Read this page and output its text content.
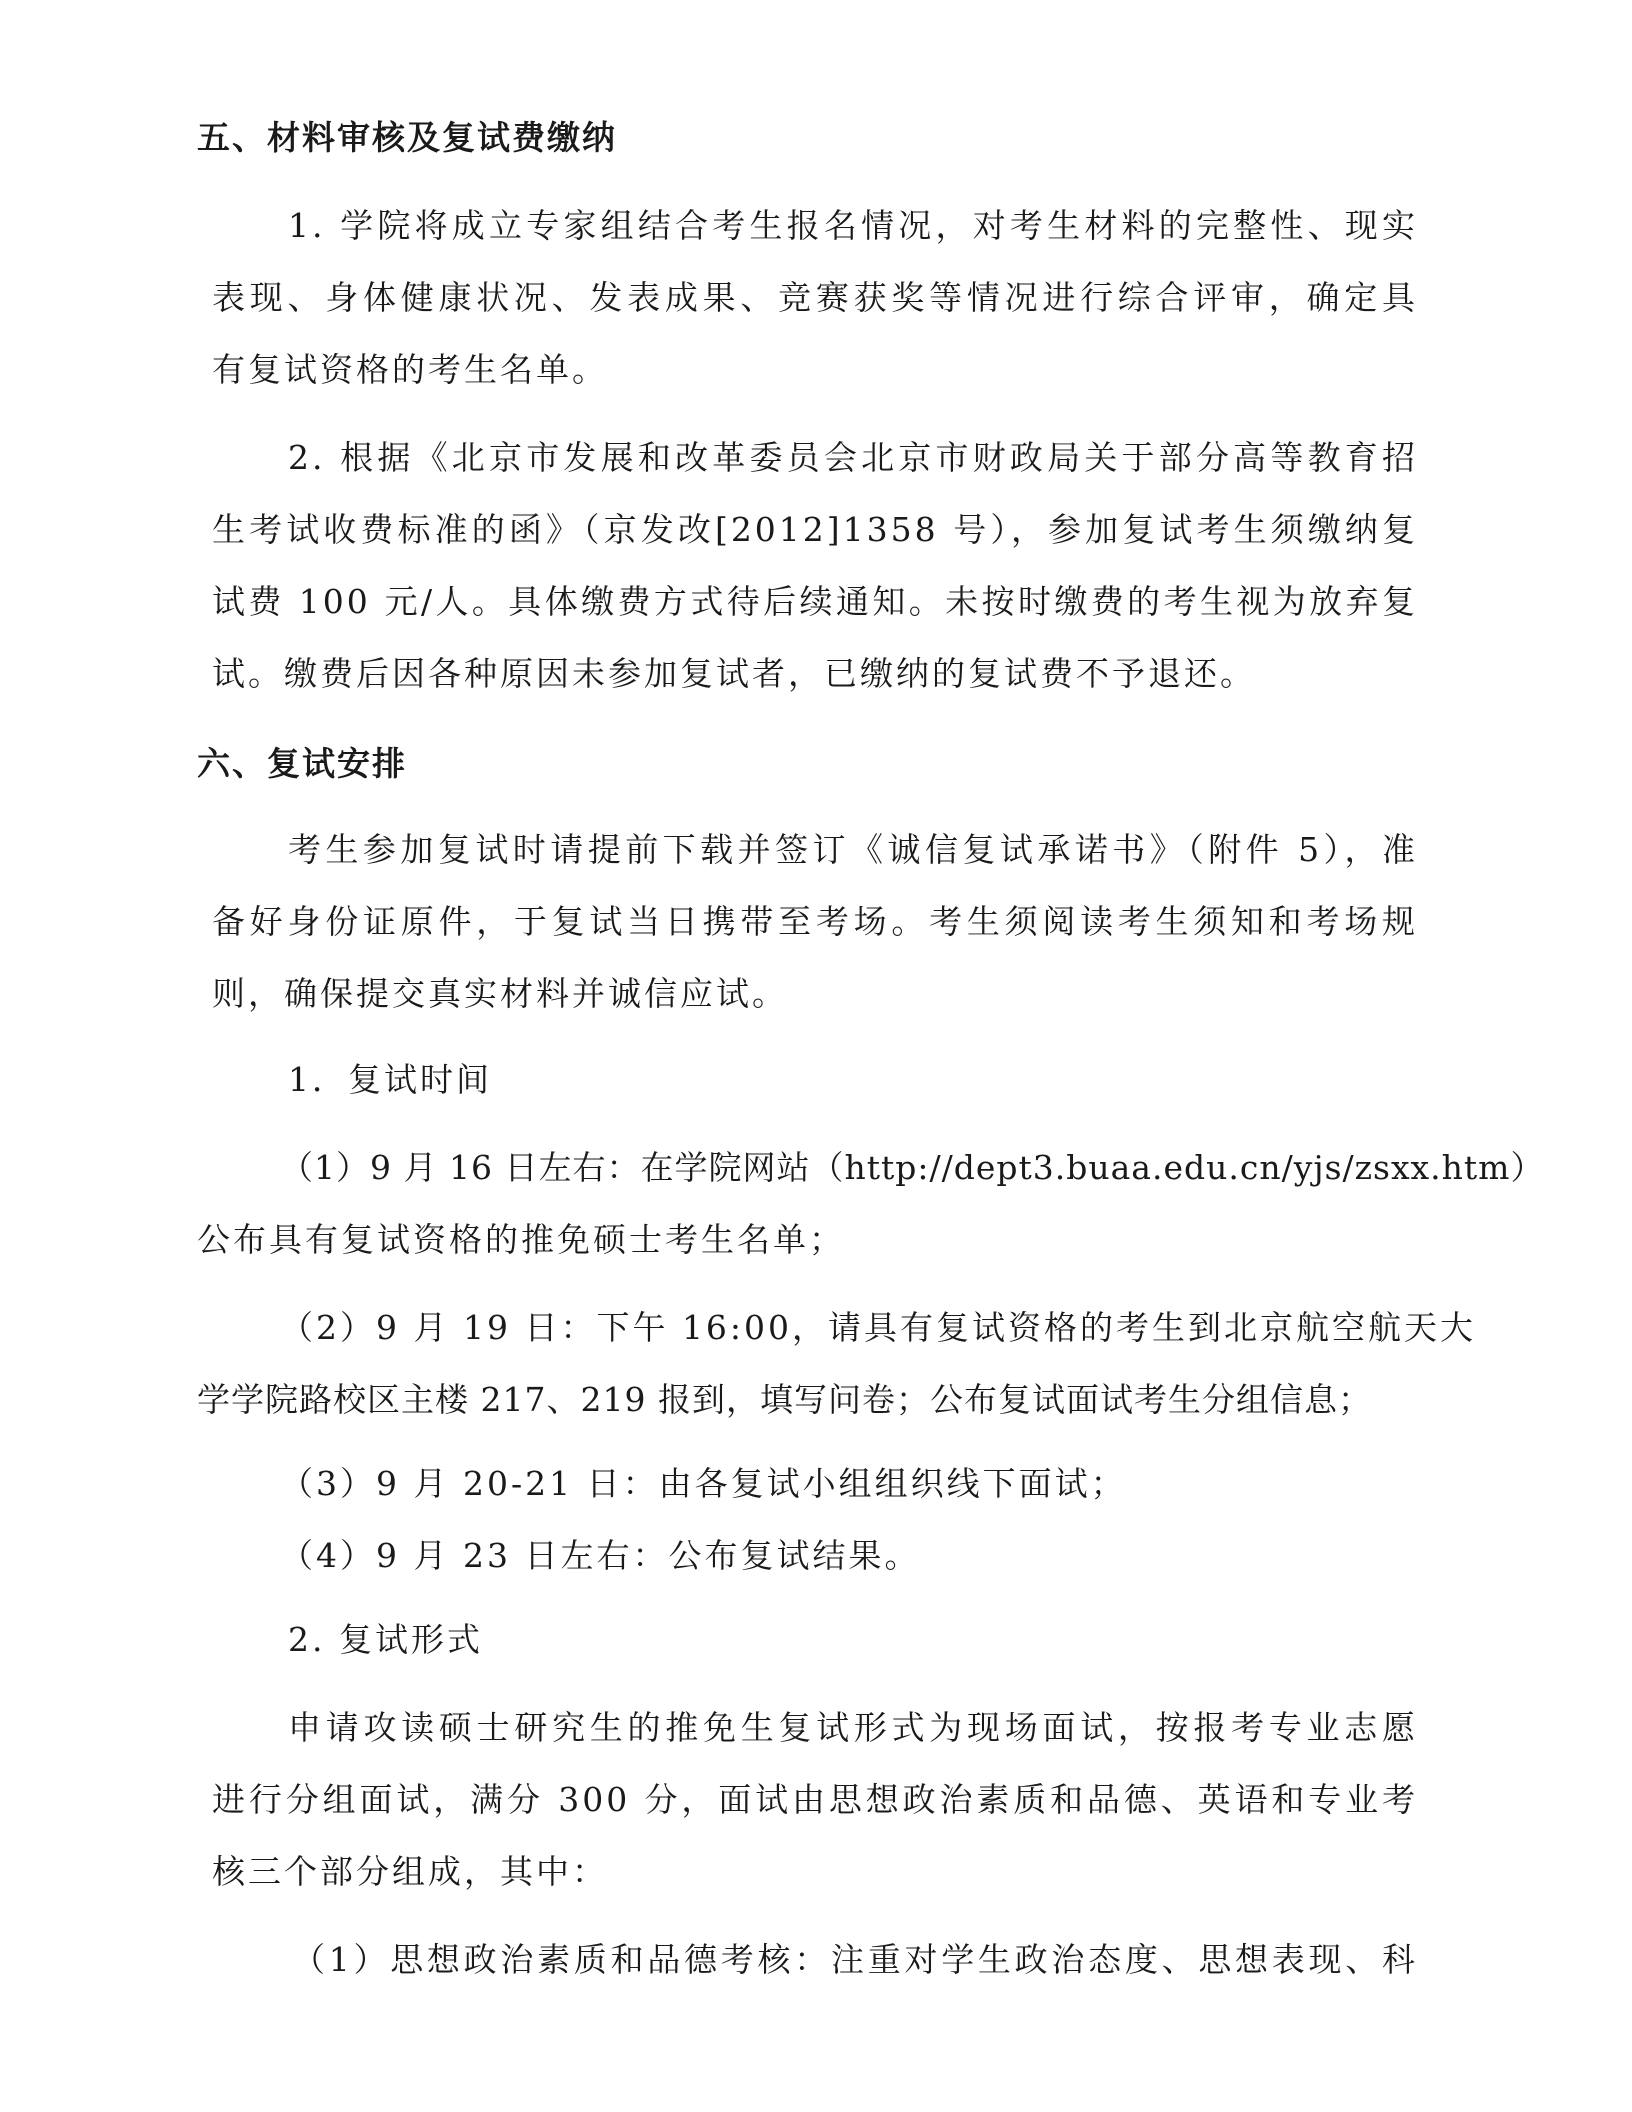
五、材料审核及复试费缴纳
1. 学院将成立专家组结合考生报名情况，对考生材料的完整性、现实
表现、身体健康状况、发表成果、竞赛获奖等情况进行综合评审，确定具
有复试资格的考生名单。
2. 根据《北京市发展和改革委员会北京市财政局关于部分高等教育招
生考试收费标准的函》（京发改[2012]1358 号），参加复试考生须缴纳复
试费 100 元/人。具体缴费方式待后续通知。未按时缴费的考生视为放弃复
试。缴费后因各种原因未参加复试者，已缴纳的复试费不予退还。
六、复试安排
考生参加复试时请提前下载并签订《诚信复试承诺书》（附件 5），准
备好身份证原件，于复试当日携带至考场。考生须阅读考生须知和考场规
则，确保提交真实材料并诚信应试。
1．复试时间
（1）9 月 16 日左右：在学院网站（http://dept3.buaa.edu.cn/yjs/zsxx.htm）
公布具有复试资格的推免硕士考生名单；
（2）9 月 19 日：下午 16:00，请具有复试资格的考生到北京航空航天大
学学院路校区主楼 217、219 报到，填写问卷；公布复试面试考生分组信息；
（3）9 月 20-21 日：由各复试小组组织线下面试；
（4）9 月 23 日左右：公布复试结果。
2. 复试形式
申请攻读硕士研究生的推免生复试形式为现场面试，按报考专业志愿
进行分组面试，满分 300 分，面试由思想政治素质和品德、英语和专业考
核三个部分组成，其中：
（1）思想政治素质和品德考核：注重对学生政治态度、思想表现、科
